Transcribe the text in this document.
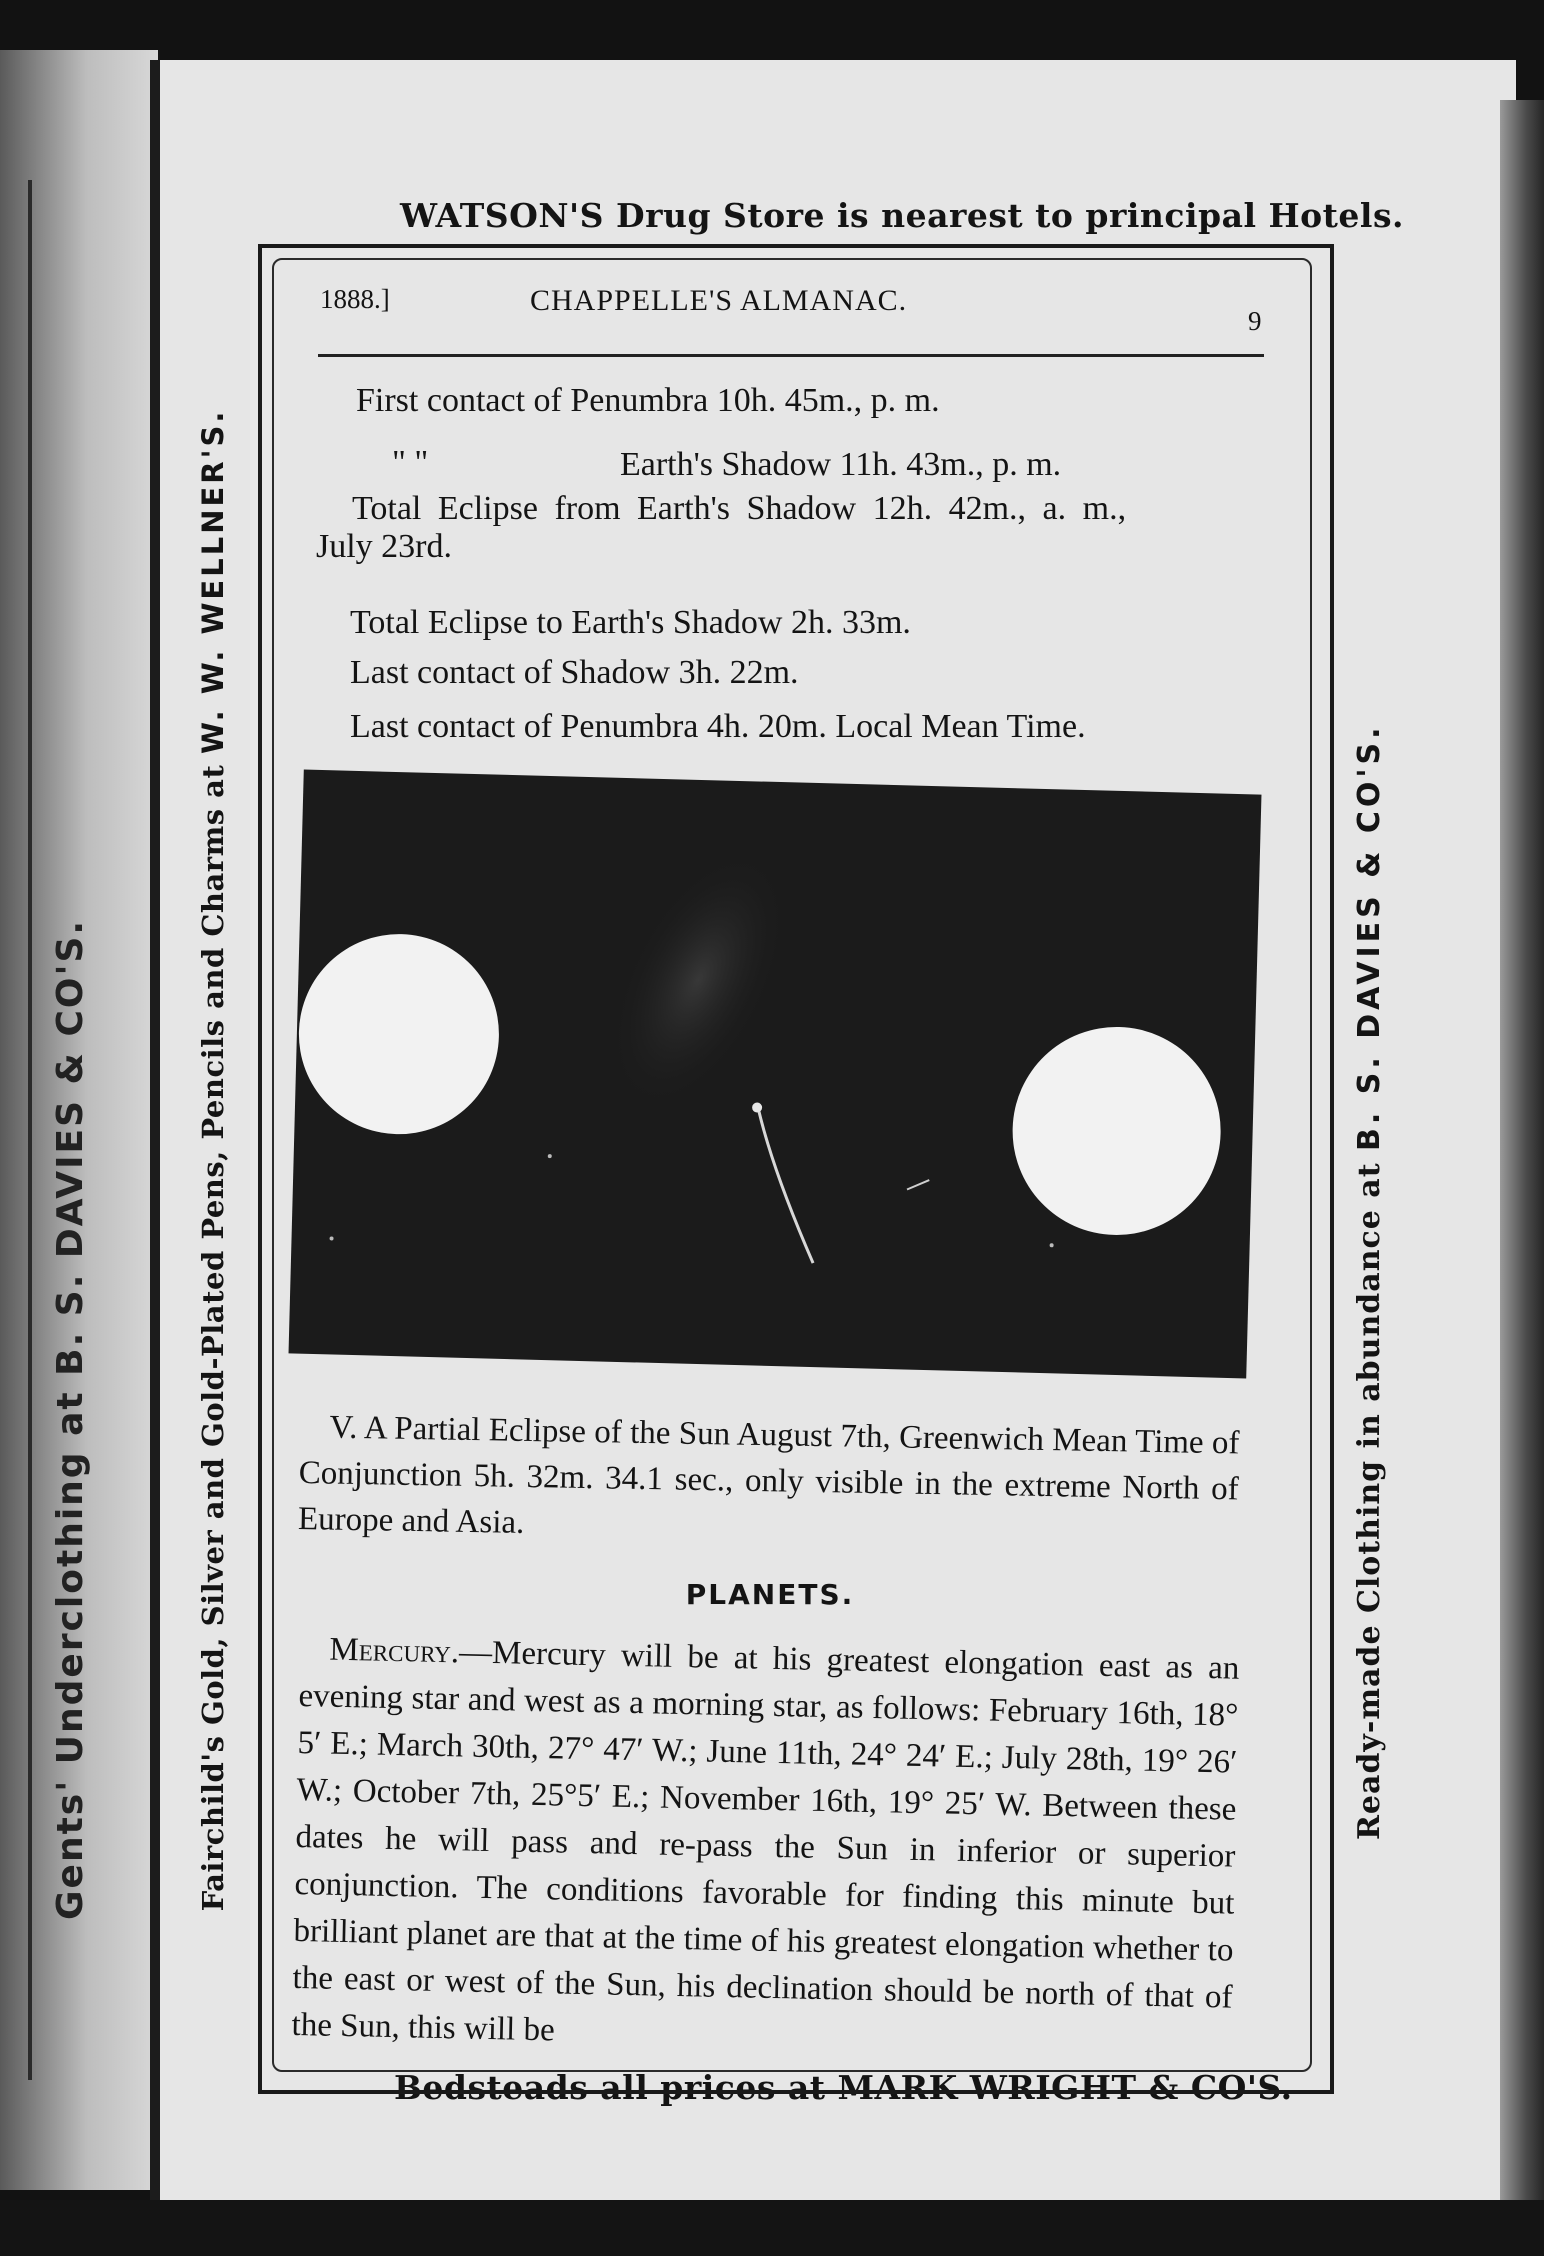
Gents' Underclothing at B. S. DAVIES & CO'S.
WATSON'S Drug Store is nearest to principal Hotels.
Bedsteads all prices at MARK WRIGHT & CO'S.
Fairchild's Gold, Silver and Gold-Plated Pens, Pencils and Charms at W. W. WELLNER'S.
Ready-made Clothing in abundance at B. S. DAVIES & CO'S.
1888.]	CHAPPELLE'S ALMANAC.
9
First contact of Penumbra 10h. 45m., p. m.
" "	Earth's Shadow 11h. 43m., p. m.
Total Eclipse from Earth's Shadow 12h. 42m., a. m.,
July 23rd.
Total Eclipse to Earth's Shadow 2h. 33m.
Last contact of Shadow 3h. 22m.
Last contact of Penumbra 4h. 20m. Local Mean Time.
V. A Partial Eclipse of the Sun August 7th, Greenwich Mean Time of Conjunction 5h. 32m. 34.1 sec., only visible in the extreme North of Europe and Asia.
PLANETS.
Mercury.—Mercury will be at his greatest elongation east as an evening star and west as a morning star, as follows: February 16th, 18° 5′ E.; March 30th, 27° 47′ W.; June 11th, 24° 24′ E.; July 28th, 19° 26′ W.; October 7th, 25°5′ E.; November 16th, 19° 25′ W. Between these dates he will pass and re-pass the Sun in inferior or superior conjunction. The conditions favorable for finding this minute but brilliant planet are that at the time of his greatest elongation whether to the east or west of the Sun, his declination should be north of that of the Sun, this will be
